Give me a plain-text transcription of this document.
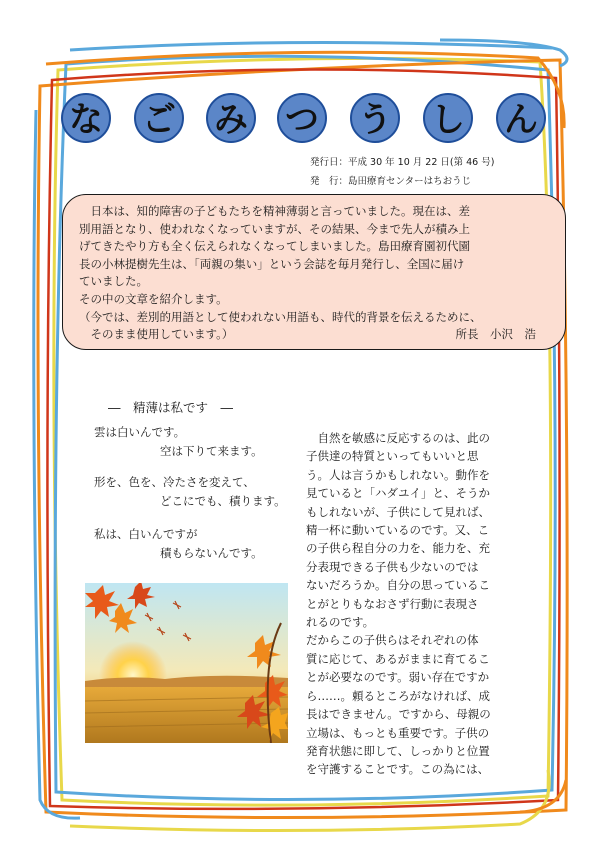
な ご み つ う し ん
発行日：平成 30 年 10 月 22 日(第 46 号)
発　行：島田療育センターはちおうじ
　日本は、知的障害の子どもたちを精神薄弱と言っていました。現在は、差
別用語となり、使われなくなっていますが、その結果、今まで先人が積み上
げてきたやり方も全く伝えられなくなってしまいました。島田療育園初代園
長の小林提樹先生は、「両親の集い」という会誌を毎月発行し、全国に届け
ていました。
その中の文章を紹介します。
（今では、差別的用語として使われない用語も、時代的背景を伝えるために、
　そのまま使用しています。）	所長　小沢　浩
―　精薄は私です　―
雲は白いんです。
空は下りて来ます。
形を、色を、冷たさを変えて、
どこにでも、積ります。
私は、白いんですが
積もらないんです。
　自然を敏感に反応するのは、此の
子供達の特質といってもいいと思
う。人は言うかもしれない。動作を
見ていると「ハダユイ」と、そうか
もしれないが、子供にして見れば、
精一杯に動いているのです。又、こ
の子供ら程自分の力を、能力を、充
分表現できる子供も少ないのでは
ないだろうか。自分の思っているこ
とがとりもなおさず行動に表現さ
れるのです。
だからこの子供らはそれぞれの体
質に応じて、あるがままに育てるこ
とが必要なのです。弱い存在ですか
ら……。頼るところがなければ、成
長はできません。ですから、母親の
立場は、もっとも重要です。子供の
発育状態に即して、しっかりと位置
を守護することです。この為には、
